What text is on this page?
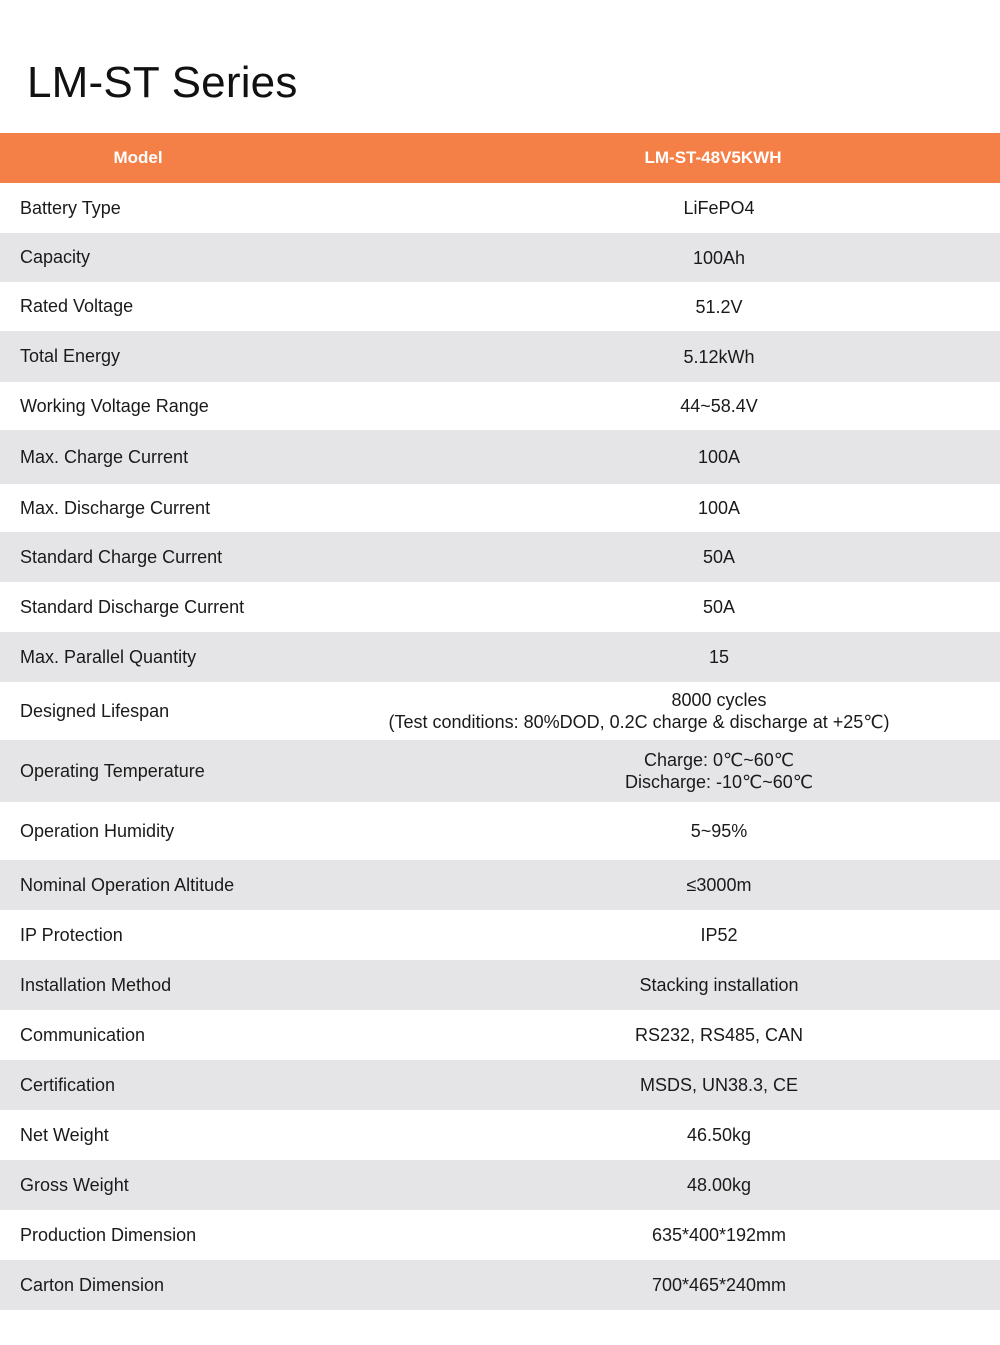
LM-ST Series
Model	LM-ST-48V5KWH
Battery Type	LiFePO4
Capacity	100Ah
Rated Voltage	51.2V
Total Energy	5.12kWh
Working Voltage Range	44~58.4V
Max. Charge Current	100A
Max. Discharge Current	100A
Standard Charge Current	50A
Standard Discharge Current	50A
Max. Parallel Quantity	15
Designed Lifespan	8000 cycles
(Test conditions: 80%DOD, 0.2C charge & discharge at +25℃)

Operating Temperature	Charge: 0℃~60℃
Discharge: -10℃~60℃

Operation Humidity	5~95%
Nominal Operation Altitude	≤3000m
IP Protection	IP52
Installation Method	Stacking installation
Communication	RS232, RS485, CAN
Certification	MSDS, UN38.3, CE
Net Weight	46.50kg
Gross Weight	48.00kg
Production Dimension	635*400*192mm
Carton Dimension	700*465*240mm
